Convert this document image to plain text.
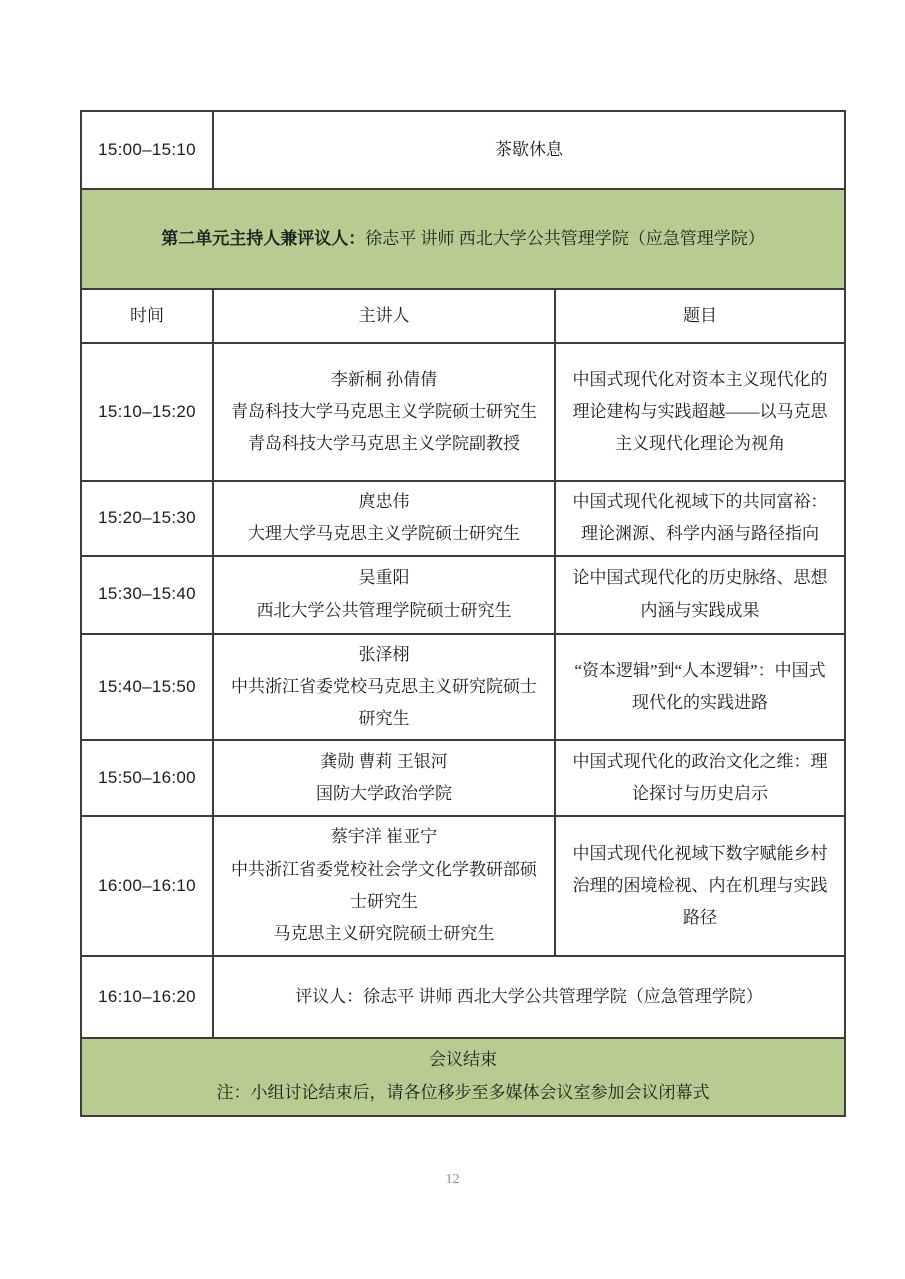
15:00–15:10	茶歇休息	
第二单元主持人兼评议人：徐志平 讲师 西北大学公共管理学院（应急管理学院）		
时间	主讲人	题目
15:10–15:20	李新桐 孙倩倩
青岛科技大学马克思主义学院硕士研究生
青岛科技大学马克思主义学院副教授	中国式现代化对资本主义现代化的理论建构与实践超越——以马克思主义现代化理论为视角
15:20–15:30	庹忠伟
大理大学马克思主义学院硕士研究生	中国式现代化视域下的共同富裕：理论渊源、科学内涵与路径指向
15:30–15:40	吴重阳
西北大学公共管理学院硕士研究生	论中国式现代化的历史脉络、思想内涵与实践成果
15:40–15:50	张泽栩
中共浙江省委党校马克思主义研究院硕士研究生	“资本逻辑”到“人本逻辑”：中国式现代化的实践进路
15:50–16:00	龚勋 曹莉 王银河
国防大学政治学院	中国式现代化的政治文化之维：理论探讨与历史启示
16:00–16:10	蔡宇洋 崔亚宁
中共浙江省委党校社会学文化学教研部硕士研究生
马克思主义研究院硕士研究生	中国式现代化视域下数字赋能乡村治理的困境检视、内在机理与实践路径
16:10–16:20	评议人：徐志平 讲师 西北大学公共管理学院（应急管理学院）	

会议结束
注：小组讨论结束后，请各位移步至多媒体会议室参加会议闭幕式		
12
